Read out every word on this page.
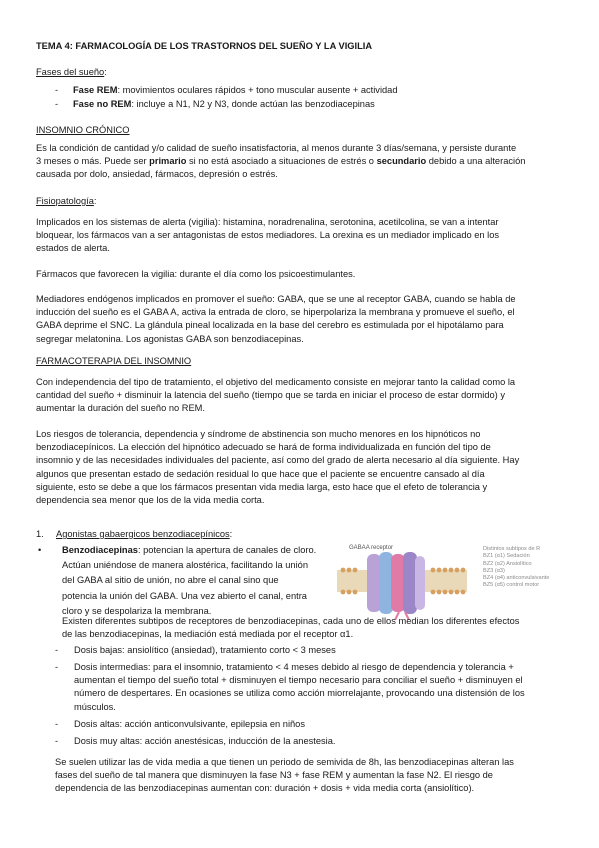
TEMA 4: FARMACOLOGÍA DE LOS TRASTORNOS DEL SUEÑO Y LA VIGILIA
Fases del sueño:
- Fase REM: movimientos oculares rápidos + tono muscular ausente + actividad
- Fase no REM: incluye a N1, N2 y N3, donde actúan las benzodiacepinas
INSOMNIO CRÓNICO
Es la condición de cantidad y/o calidad de sueño insatisfactoria, al menos durante 3 días/semana, y persiste durante
3 meses o más. Puede ser primario si no está asociado a situaciones de estrés o secundario debido a una alteración
causada por dolo, ansiedad, fármacos, depresión o estrés.
Fisiopatología:
Implicados en los sistemas de alerta (vigilia): histamina, noradrenalina, serotonina, acetilcolina, se van a intentar
bloquear, los fármacos van a ser antagonistas de estos mediadores. La orexina es un mediador implicado en los
estados de alerta.
Fármacos que favorecen la vigilia: durante el día como los psicoestimulantes.
Mediadores endógenos implicados en promover el sueño: GABA, que se une al receptor GABA, cuando se habla de
inducción del sueño es el GABA A, activa la entrada de cloro, se hiperpolariza la membrana y promueve el sueño, el
GABA deprime el SNC. La glándula pineal localizada en la base del cerebro es estimulada por el hipotálamo para
segregar melatonina. Los agonistas GABA son benzodiacepinas.
FARMACOTERAPIA DEL INSOMNIO
Con independencia del tipo de tratamiento, el objetivo del medicamento consiste en mejorar tanto la calidad como la
cantidad del sueño + disminuir la latencia del sueño (tiempo que se tarda en iniciar el proceso de estar dormido) y
aumentar la duración del sueño no REM.
Los riesgos de tolerancia, dependencia y síndrome de abstinencia son mucho menores en los hipnóticos no
benzodiacepínicos. La elección del hipnótico adecuado se hará de forma individualizada en función del tipo de
insomnio y de las necesidades individuales del paciente, así como del grado de alerta necesario al día siguiente. Hay
algunos que presentan estado de sedación residual lo que hace que el paciente se encuentre cansado al día
siguiente, esto se debe a que los fármacos presentan vida media larga, esto hace que el efeto de tolerancia y
dependencia sea menor que los de la vida media corta.
1. Agonistas gabaergicos benzodiacepínicos:
• Benzodiacepinas: potencian la apertura de canales de cloro.
Actúan uniéndose de manera alostérica, facilitando la unión
del GABA al sitio de unión, no abre el canal sino que
potencia la unión del GABA. Una vez abierto el canal, entra
cloro y se despolariza la membrana.
GABAA receptor	Distintos subtipos de R
BZ1 (α1) Sedación
BZ2 (α2) Ansiolítico
BZ3 (α3)
BZ4 (α4) anticonvulsivante
BZ5 (α5) control motor
Existen diferentes subtipos de receptores de benzodiacepinas, cada uno de ellos median los diferentes efectos
de las benzodiacepinas, la mediación está mediada por el receptor α1.
- Dosis bajas: ansiolítico (ansiedad), tratamiento corto < 3 meses
- Dosis intermedias: para el insomnio, tratamiento < 4 meses debido al riesgo de dependencia y tolerancia +
aumentan el tiempo del sueño total + disminuyen el tiempo necesario para conciliar el sueño + disminuyen el
número de despertares. En ocasiones se utiliza como acción miorrelajante, provocando una distensión de los
músculos.
- Dosis altas: acción anticonvulsivante, epilepsia en niños
- Dosis muy altas: acción anestésicas, inducción de la anestesia.
Se suelen utilizar las de vida media a que tienen un periodo de semivida de 8h, las benzodiacepinas alteran las
fases del sueño de tal manera que disminuyen la fase N3 + fase REM y aumentan la fase N2. El riesgo de
dependencia de las benzodiacepinas aumentan con: duración + dosis + vida media corta (ansiolítico).
